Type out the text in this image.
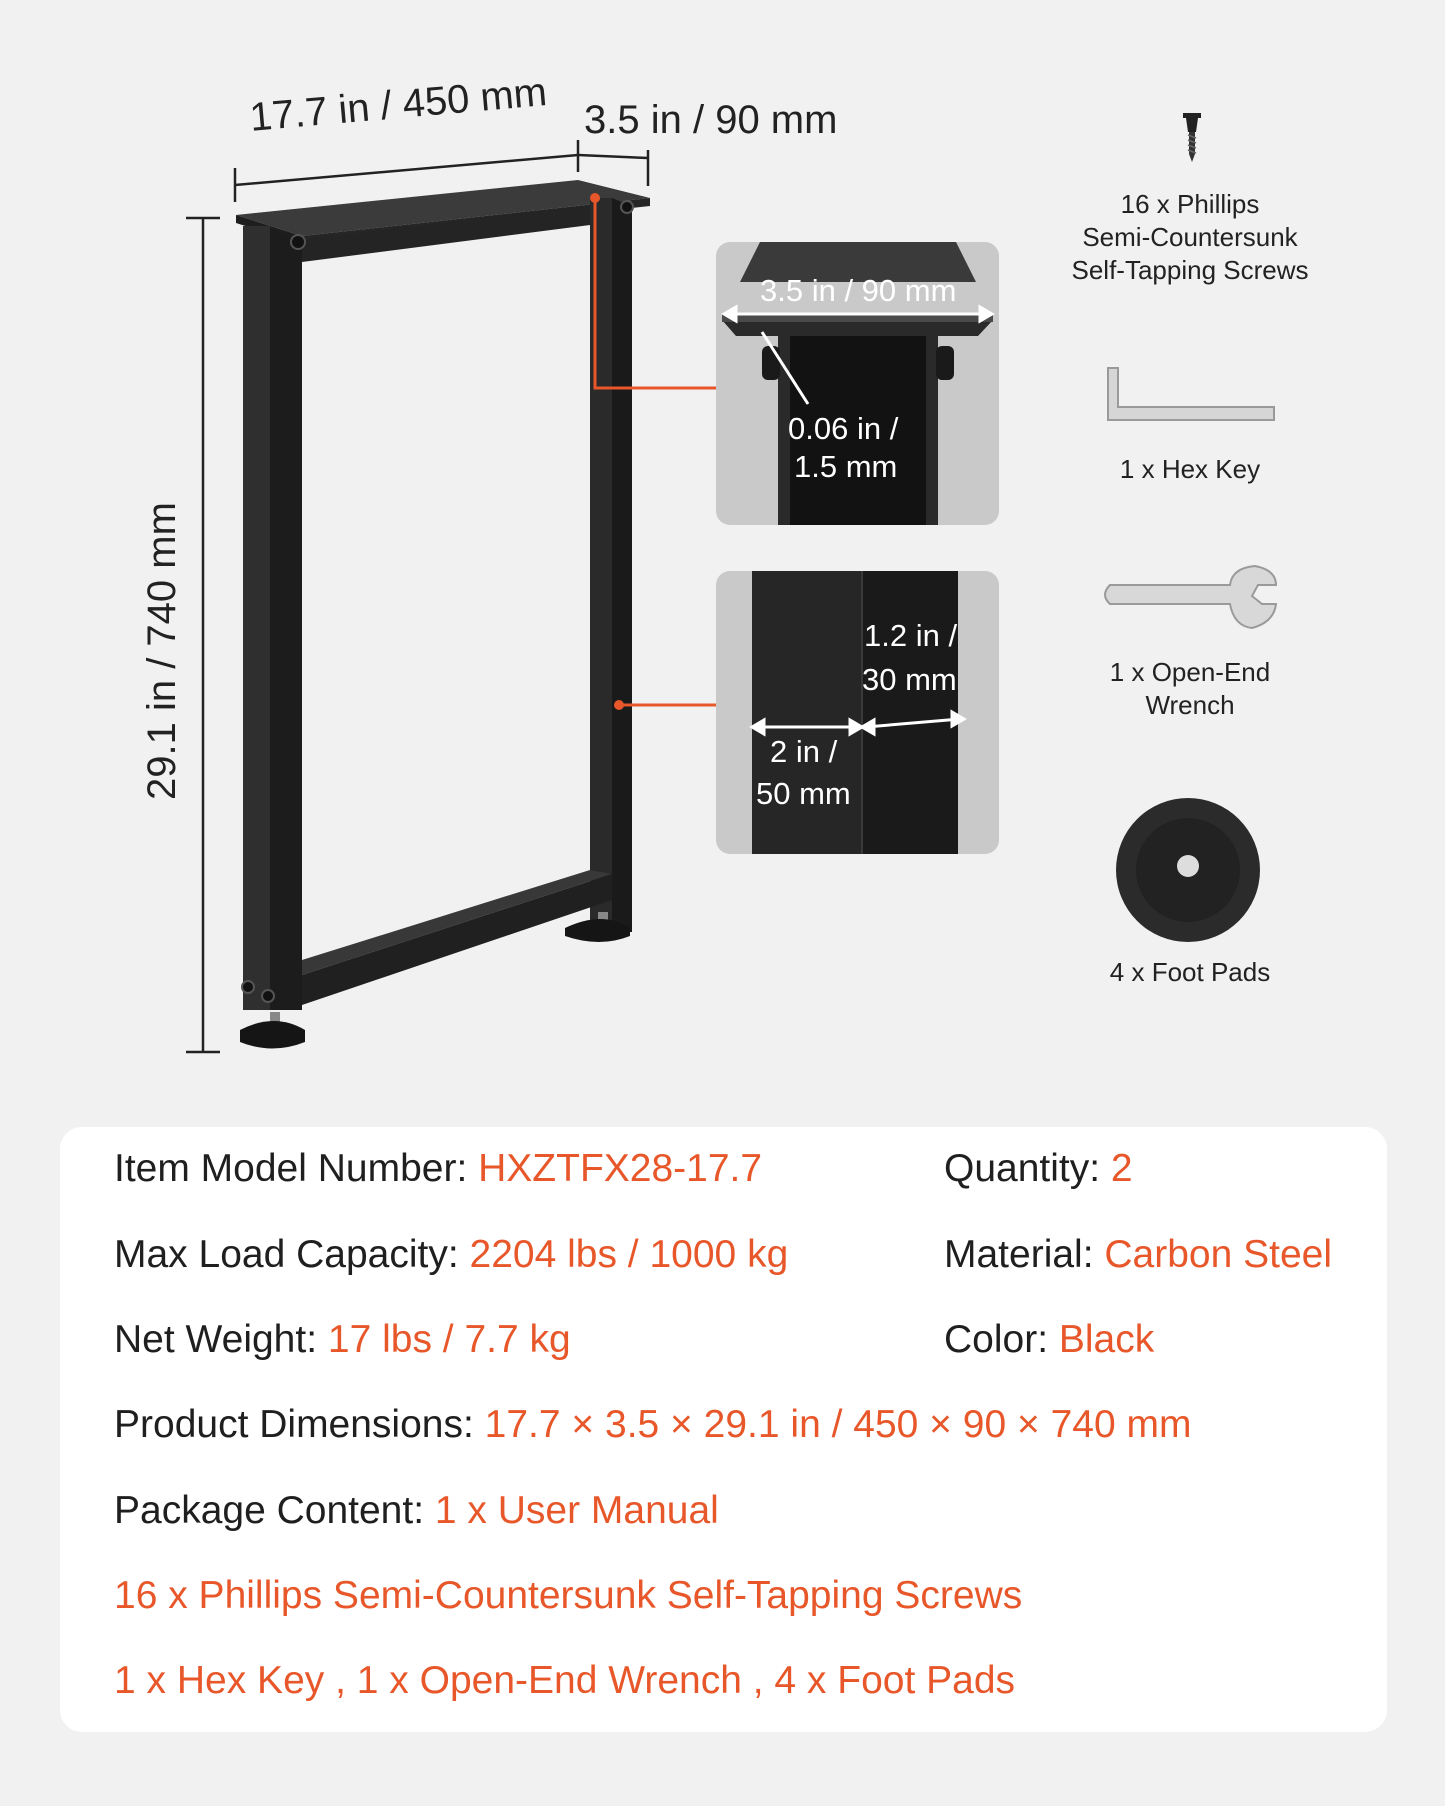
17.7 in / 450 mm 3.5 in / 90 mm
29.1 in / 740 mm
3.5 in / 90 mm
0.06 in /
1.5 mm
1.2 in /
30 mm
2 in /
50 mm
16 x Phillips
Semi-Countersunk
Self-Tapping Screws
1 x Hex Key
1 x Open-End
Wrench
4 x Foot Pads
Item Model Number: HXZTFX28-17.7	Quantity: 2
Max Load Capacity: 2204 lbs / 1000 kg	Material: Carbon Steel
Net Weight: 17 lbs / 7.7 kg	Color: Black
Product Dimensions: 17.7 × 3.5 × 29.1 in / 450 × 90 × 740 mm
Package Content: 1 x User Manual
16 x Phillips Semi-Countersunk Self-Tapping Screws
1 x Hex Key , 1 x Open-End Wrench , 4 x Foot Pads
